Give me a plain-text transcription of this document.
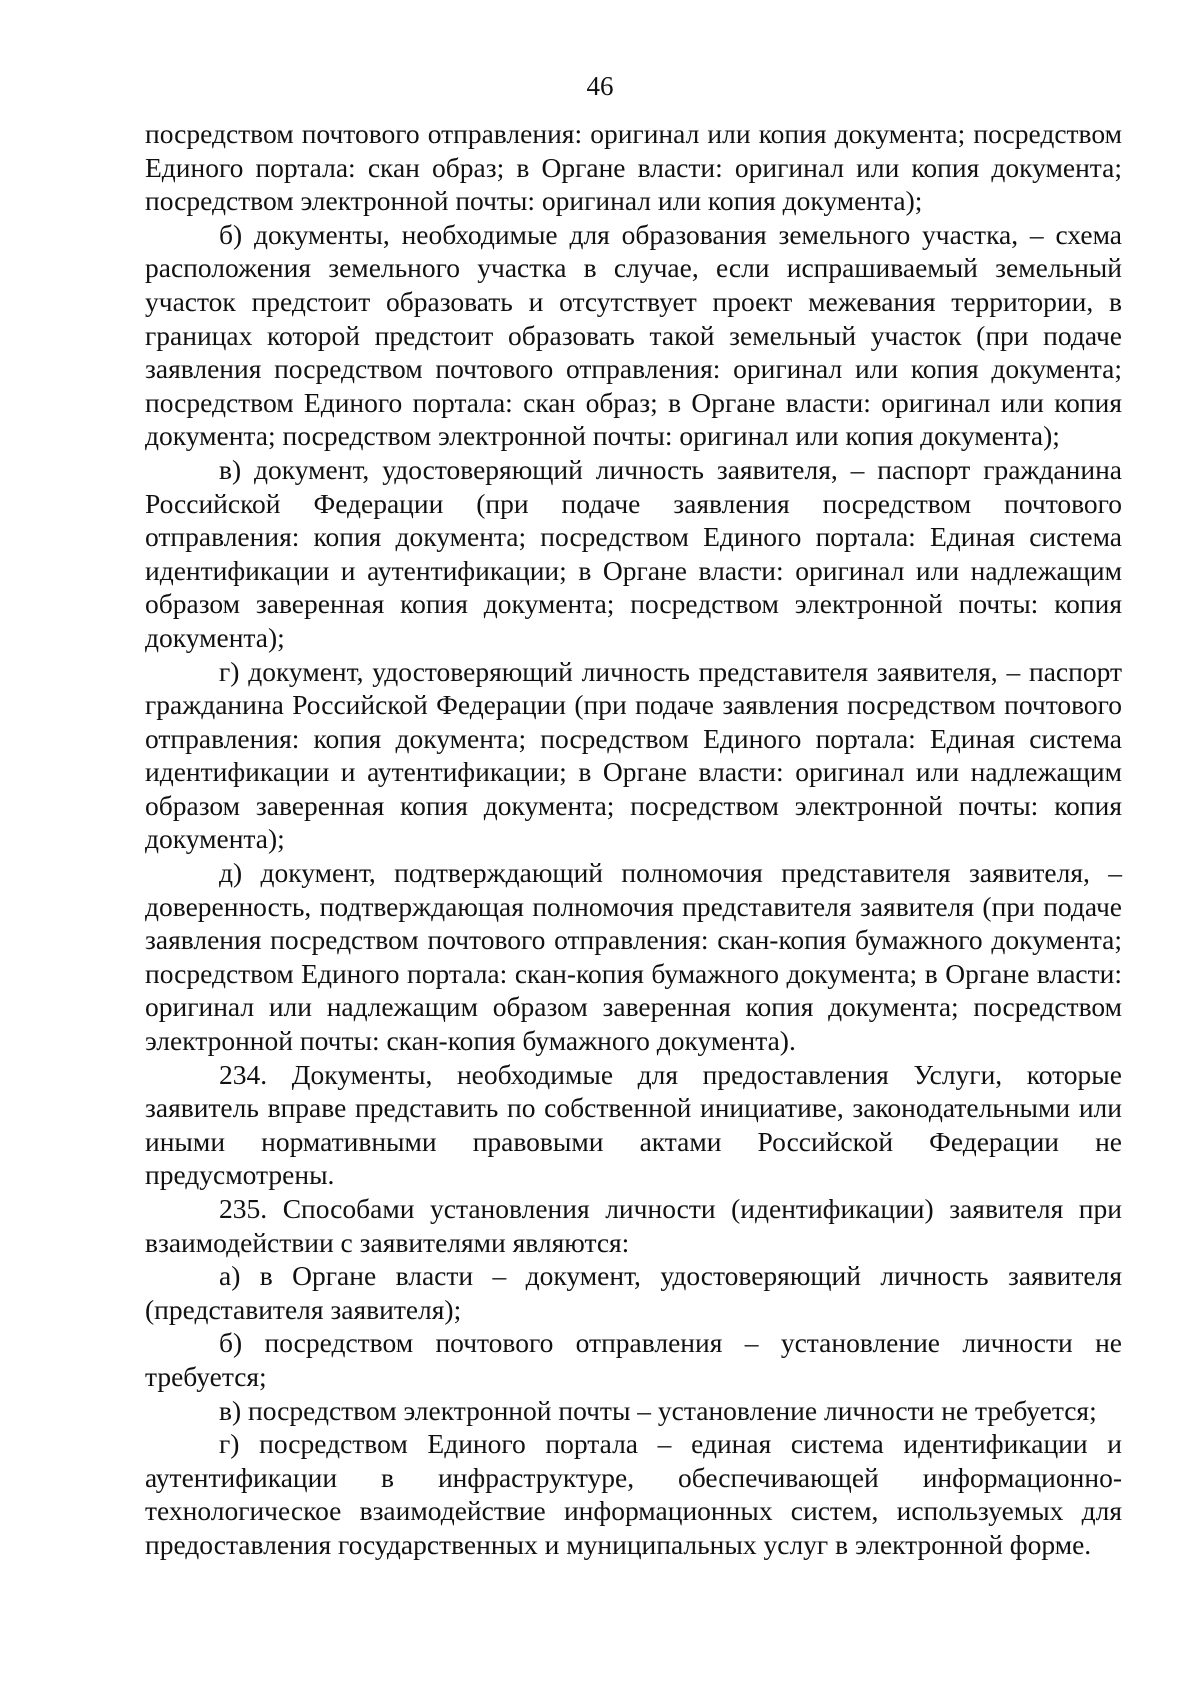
46

посредством почтового отправления: оригинал или копия документа; посредством Единого портала: скан образ; в Органе власти: оригинал или копия документа; посредством электронной почты: оригинал или копия документа);

б) документы, необходимые для образования земельного участка, – схема расположения земельного участка в случае, если испрашиваемый земельный участок предстоит образовать и отсутствует проект межевания территории, в границах которой предстоит образовать такой земельный участок (при подаче заявления посредством почтового отправления: оригинал или копия документа; посредством Единого портала: скан образ; в Органе власти: оригинал или копия документа; посредством электронной почты: оригинал или копия документа);

в) документ, удостоверяющий личность заявителя, – паспорт гражданина Российской Федерации (при подаче заявления посредством почтового отправления: копия документа; посредством Единого портала: Единая система идентификации и аутентификации; в Органе власти: оригинал или надлежащим образом заверенная копия документа; посредством электронной почты: копия документа);

г) документ, удостоверяющий личность представителя заявителя, – паспорт гражданина Российской Федерации (при подаче заявления посредством почтового отправления: копия документа; посредством Единого портала: Единая система идентификации и аутентификации; в Органе власти: оригинал или надлежащим образом заверенная копия документа; посредством электронной почты: копия документа);

д) документ, подтверждающий полномочия представителя заявителя, – доверенность, подтверждающая полномочия представителя заявителя (при подаче заявления посредством почтового отправления: скан-копия бумажного документа; посредством Единого портала: скан-копия бумажного документа; в Органе власти: оригинал или надлежащим образом заверенная копия документа; посредством электронной почты: скан-копия бумажного документа).

234. Документы, необходимые для предоставления Услуги, которые заявитель вправе представить по собственной инициативе, законодательными или иными нормативными правовыми актами Российской Федерации не предусмотрены.

235. Способами установления личности (идентификации) заявителя при взаимодействии с заявителями являются:

а) в Органе власти – документ, удостоверяющий личность заявителя (представителя заявителя);

б) посредством почтового отправления – установление личности не требуется;

в) посредством электронной почты – установление личности не требуется;

г) посредством Единого портала – единая система идентификации и аутентификации в инфраструктуре, обеспечивающей информационно-технологическое взаимодействие информационных систем, используемых для предоставления государственных и муниципальных услуг в электронной форме.
